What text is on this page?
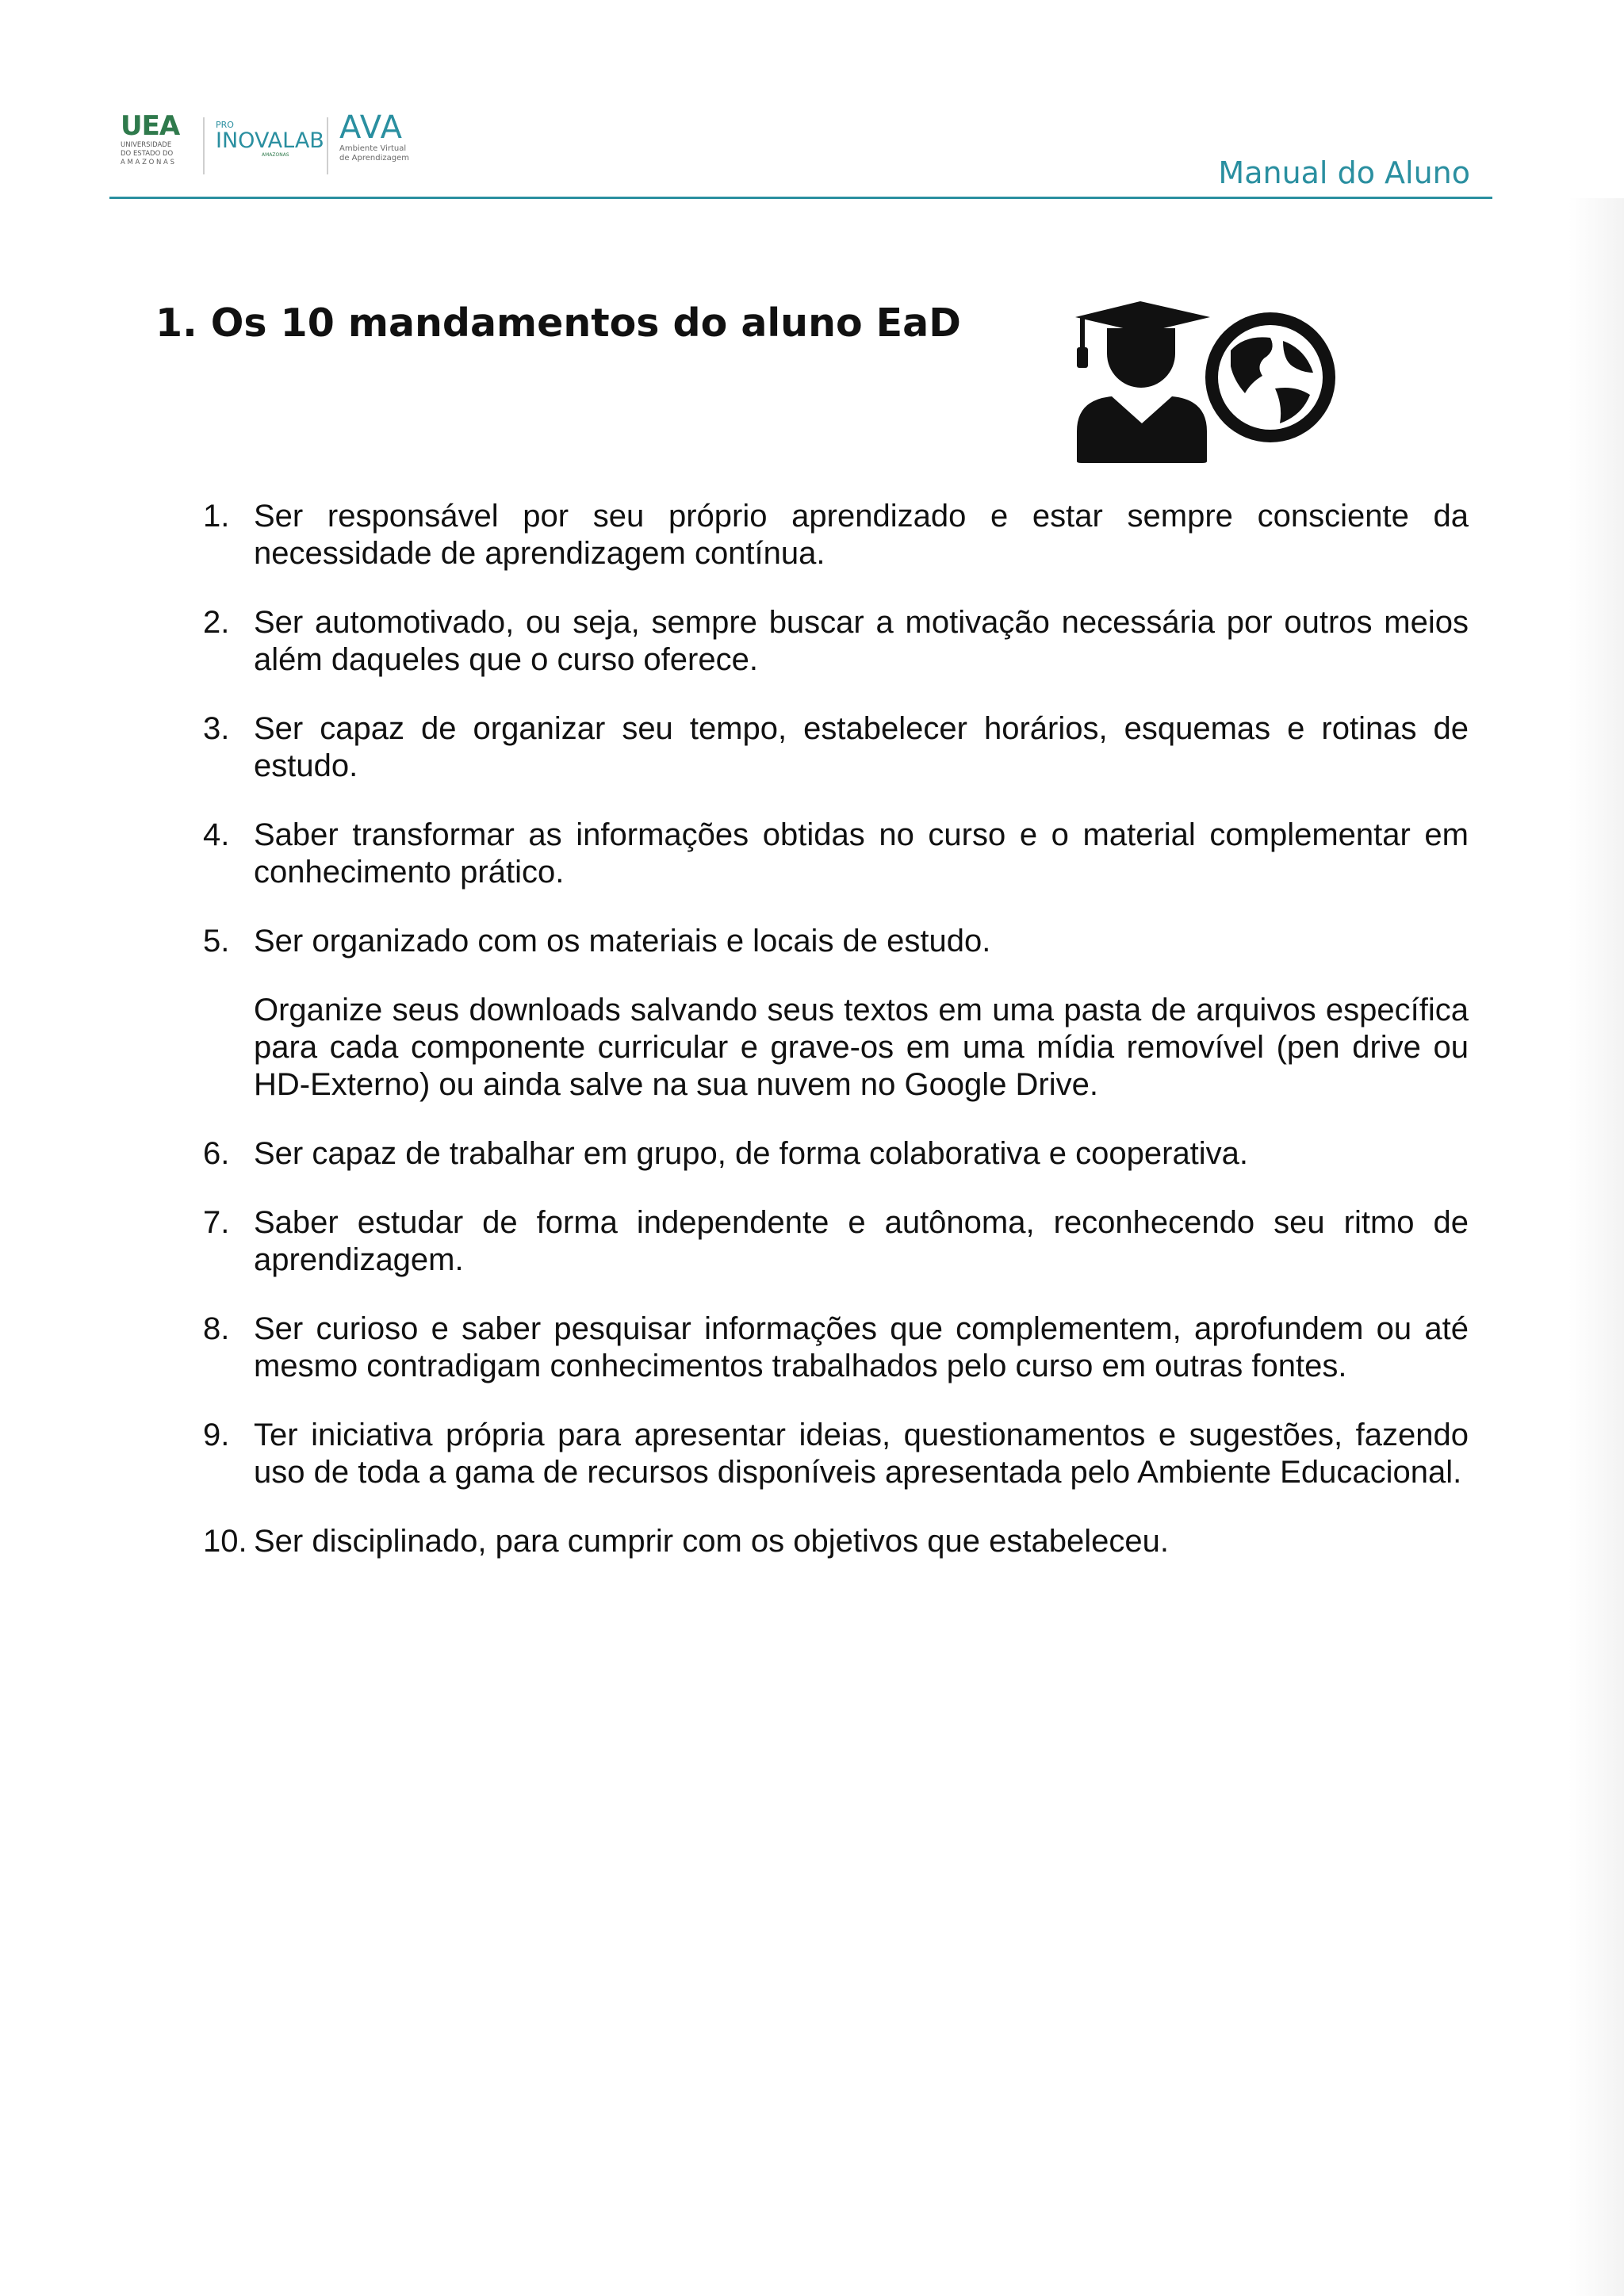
UEA
UNIVERSIDADE
DO ESTADO DO
A M A Z O N A S
PRO
INOVALAB
AMAZONAS
AVA
Ambiente Virtual
de Aprendizagem	Manual do Aluno
1. Os 10 mandamentos do aluno EaD
1. Ser responsável por seu próprio aprendizado e estar sempre consciente da necessidade de aprendizagem contínua.
2. Ser automotivado, ou seja, sempre buscar a motivação necessária por outros meios além daqueles que o curso oferece.
3. Ser capaz de organizar seu tempo, estabelecer horários, esquemas e rotinas de estudo.
4. Saber transformar as informações obtidas no curso e o material complementar em conhecimento prático.
5. Ser organizado com os materiais e locais de estudo.
Organize seus downloads salvando seus textos em uma pasta de arquivos específica para cada componente curricular e grave-os em uma mídia removível (pen drive ou HD-Externo) ou ainda salve na sua nuvem no Google Drive.
6. Ser capaz de trabalhar em grupo, de forma colaborativa e cooperativa.
7. Saber estudar de forma independente e autônoma, reconhecendo seu ritmo de aprendizagem.
8. Ser curioso e saber pesquisar informações que complementem, aprofundem ou até mesmo contradigam conhecimentos trabalhados pelo curso em outras fontes.
9. Ter iniciativa própria para apresentar ideias, questionamentos e sugestões, fazendo uso de toda a gama de recursos disponíveis apresentada pelo Ambiente Educacional.
10. Ser disciplinado, para cumprir com os objetivos que estabeleceu.
